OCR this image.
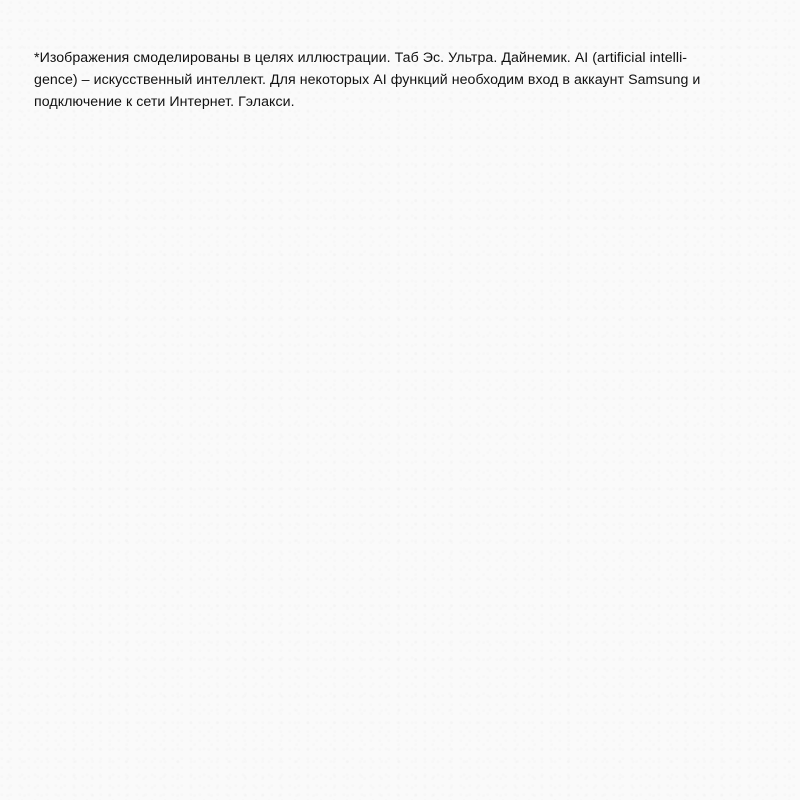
*Изображения смоделированы в целях иллюстрации. Таб Эс. Ультра. Дайнемик. AI (artificial intelli-
gence) – искусственный интеллект. Для некоторых AI функций необходим вход в аккаунт Samsung и
подключение к сети Интернет. Гэлакси.
